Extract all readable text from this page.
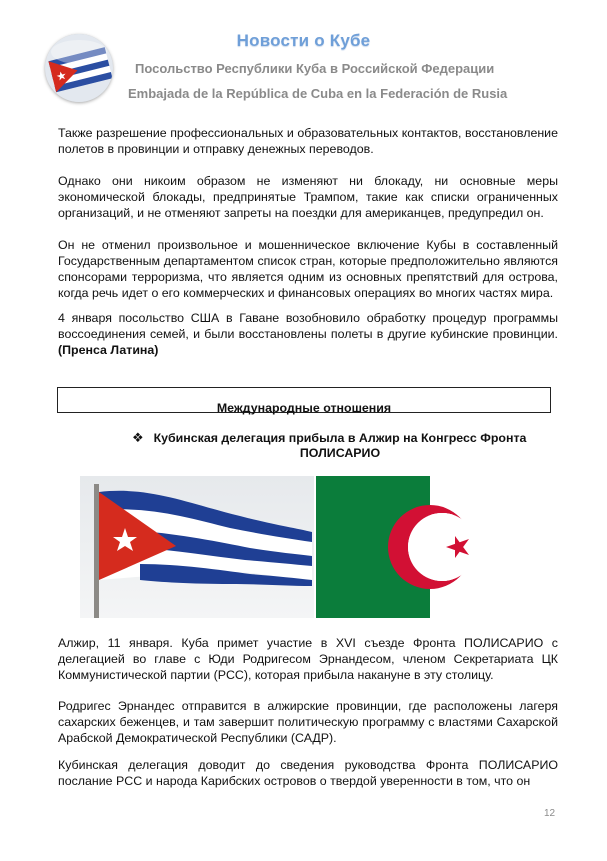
Новости о Кубе
Посольство Республики Куба в Российской Федерации
Embajada de la República de Cuba en la Federación de Rusia

Также разрешение профессиональных и образовательных контактов, восстановление полетов в провинции и отправку денежных переводов.

Однако они никоим образом не изменяют ни блокаду, ни основные меры экономической блокады, предпринятые Трампом, такие как списки ограниченных организаций, и не отменяют запреты на поездки для американцев, предупредил он.

Он не отменил произвольное и мошенническое включение Кубы в составленный Государственным департаментом список стран, которые предположительно являются спонсорами терроризма, что является одним из основных препятствий для острова, когда речь идет о его коммерческих и финансовых операциях во многих частях мира.

4 января посольство США в Гаване возобновило обработку процедур программы воссоединения семей, и были восстановлены полеты в другие кубинские провинции. (Пренса Латина)

Международные отношения
❖ Кубинская делегация прибыла в Алжир на Конгресс Фронта ПОЛИСАРИО

Алжир, 11 января. Куба примет участие в XVI съезде Фронта ПОЛИСАРИО с делегацией во главе с Юди Родригесом Эрнандесом, членом Секретариата ЦК Коммунистической партии (PCC), которая прибыла накануне в эту столицу.

Родригес Эрнандес отправится в алжирские провинции, где расположены лагеря сахарских беженцев, и там завершит политическую программу с властями Сахарской Арабской Демократической Республики (САДР).

Кубинская делегация доводит до сведения руководства Фронта ПОЛИСАРИО послание PCC и народа Карибских островов о твердой уверенности в том, что он

12
